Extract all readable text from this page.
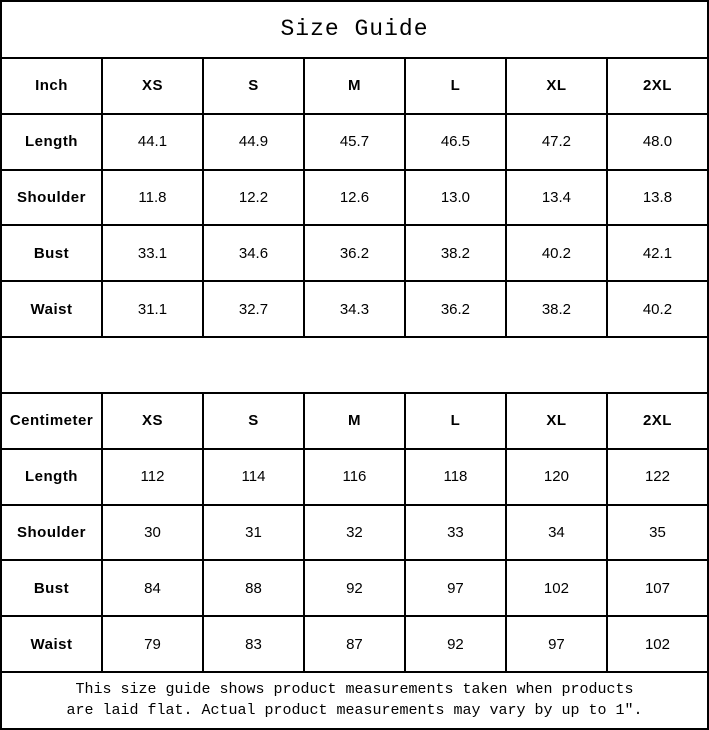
Size Guide						
Inch	XS	S	M	L	XL	2XL
Length	44.1	44.9	45.7	46.5	47.2	48.0
Shoulder	11.8	12.2	12.6	13.0	13.4	13.8
Bust	33.1	34.6	36.2	38.2	40.2	42.1
Waist	31.1	32.7	34.3	36.2	38.2	40.2

Centimeter	XS	S	M	L	XL	2XL
Length	112	114	116	118	120	122
Shoulder	30	31	32	33	34	35
Bust	84	88	92	97	102	107
Waist	79	83	87	92	97	102

This size guide shows product measurements taken when products
are laid flat. Actual product measurements may vary by up to 1″.						
